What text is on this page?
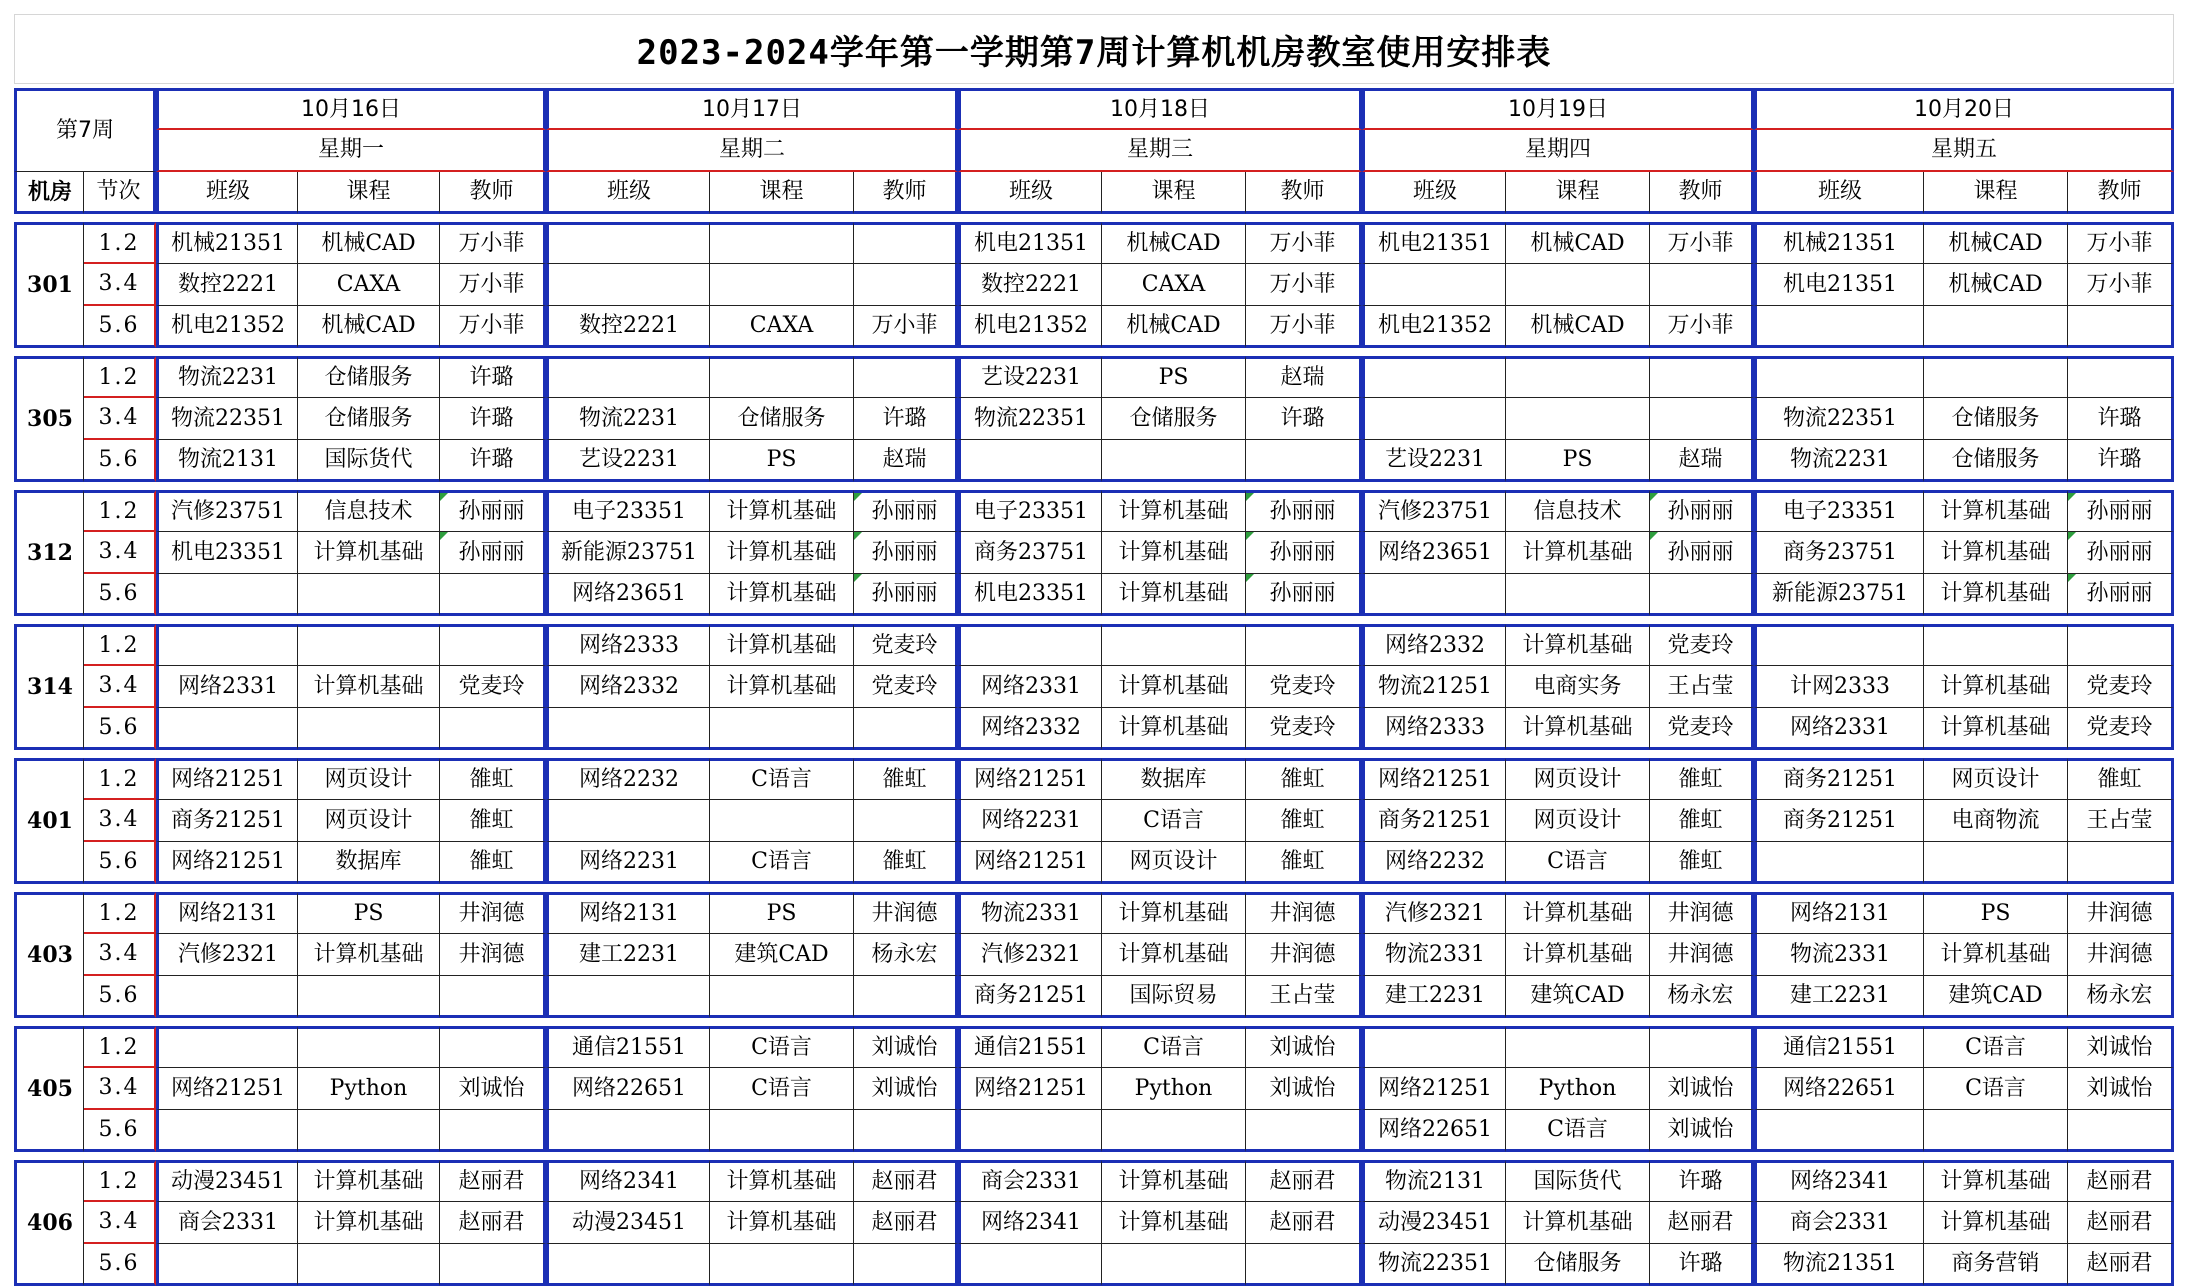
2023-2024学年第一学期第7周计算机机房教室使用安排表
第7周		10月16日			10月17日			10月18日			10月19日			10月20日		
		星期一			星期二			星期三			星期四			星期五		
机房	节次	班级	课程	教师	班级	课程	教师	班级	课程	教师	班级	课程	教师	班级	课程	教师

301	1.2	机械21351	机械CAD	万小菲				机电21351	机械CAD	万小菲	机电21351	机械CAD	万小菲	机械21351	机械CAD	万小菲
	3.4	数控2221	CAXA	万小菲				数控2221	CAXA	万小菲				机电21351	机械CAD	万小菲
	5.6	机电21352	机械CAD	万小菲	数控2221	CAXA	万小菲	机电21352	机械CAD	万小菲	机电21352	机械CAD	万小菲			

305	1.2	物流2231	仓储服务	许璐				艺设2231	PS	赵瑞						
	3.4	物流22351	仓储服务	许璐	物流2231	仓储服务	许璐	物流22351	仓储服务	许璐				物流22351	仓储服务	许璐
	5.6	物流2131	国际货代	许璐	艺设2231	PS	赵瑞				艺设2231	PS	赵瑞	物流2231	仓储服务	许璐

312	1.2	汽修23751	信息技术	孙丽丽	电子23351	计算机基础	孙丽丽	电子23351	计算机基础	孙丽丽	汽修23751	信息技术	孙丽丽	电子23351	计算机基础	孙丽丽
	3.4	机电23351	计算机基础	孙丽丽	新能源23751	计算机基础	孙丽丽	商务23751	计算机基础	孙丽丽	网络23651	计算机基础	孙丽丽	商务23751	计算机基础	孙丽丽
	5.6				网络23651	计算机基础	孙丽丽	机电23351	计算机基础	孙丽丽				新能源23751	计算机基础	孙丽丽

314	1.2				网络2333	计算机基础	党麦玲				网络2332	计算机基础	党麦玲			
	3.4	网络2331	计算机基础	党麦玲	网络2332	计算机基础	党麦玲	网络2331	计算机基础	党麦玲	物流21251	电商实务	王占莹	计网2333	计算机基础	党麦玲
	5.6							网络2332	计算机基础	党麦玲	网络2333	计算机基础	党麦玲	网络2331	计算机基础	党麦玲

401	1.2	网络21251	网页设计	雒虹	网络2232	C语言	雒虹	网络21251	数据库	雒虹	网络21251	网页设计	雒虹	商务21251	网页设计	雒虹
	3.4	商务21251	网页设计	雒虹				网络2231	C语言	雒虹	商务21251	网页设计	雒虹	商务21251	电商物流	王占莹
	5.6	网络21251	数据库	雒虹	网络2231	C语言	雒虹	网络21251	网页设计	雒虹	网络2232	C语言	雒虹			

403	1.2	网络2131	PS	井润德	网络2131	PS	井润德	物流2331	计算机基础	井润德	汽修2321	计算机基础	井润德	网络2131	PS	井润德
	3.4	汽修2321	计算机基础	井润德	建工2231	建筑CAD	杨永宏	汽修2321	计算机基础	井润德	物流2331	计算机基础	井润德	物流2331	计算机基础	井润德
	5.6							商务21251	国际贸易	王占莹	建工2231	建筑CAD	杨永宏	建工2231	建筑CAD	杨永宏

405	1.2				通信21551	C语言	刘诚怡	通信21551	C语言	刘诚怡				通信21551	C语言	刘诚怡
	3.4	网络21251	Python	刘诚怡	网络22651	C语言	刘诚怡	网络21251	Python	刘诚怡	网络21251	Python	刘诚怡	网络22651	C语言	刘诚怡
	5.6										网络22651	C语言	刘诚怡			

406	1.2	动漫23451	计算机基础	赵丽君	网络2341	计算机基础	赵丽君	商会2331	计算机基础	赵丽君	物流2131	国际货代	许璐	网络2341	计算机基础	赵丽君
	3.4	商会2331	计算机基础	赵丽君	动漫23451	计算机基础	赵丽君	网络2341	计算机基础	赵丽君	动漫23451	计算机基础	赵丽君	商会2331	计算机基础	赵丽君
	5.6										物流22351	仓储服务	许璐	物流21351	商务营销	赵丽君
